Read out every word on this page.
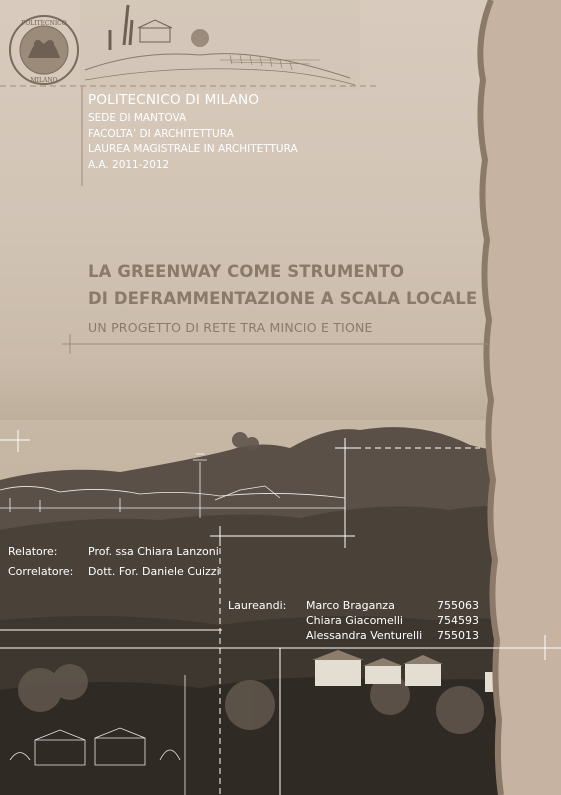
POLITECNICO
MILANO
POLITECNICO DI MILANO
SEDE DI MANTOVA
FACOLTA’ DI ARCHITETTURA
LAUREA MAGISTRALE IN ARCHITETTURA
A.A. 2011-2012
LA GREENWAY COME STRUMENTO
DI DEFRAMMENTAZIONE A SCALA LOCALE
UN PROGETTO DI RETE TRA MINCIO E TIONE
Relatore:	Prof. ssa Chiara Lanzoni
Correlatore: Dott. For. Daniele Cuizzi
Laureandi: Marco Braganza	755063
Chiara Giacomelli	754593
Alessandra Venturelli 755013
